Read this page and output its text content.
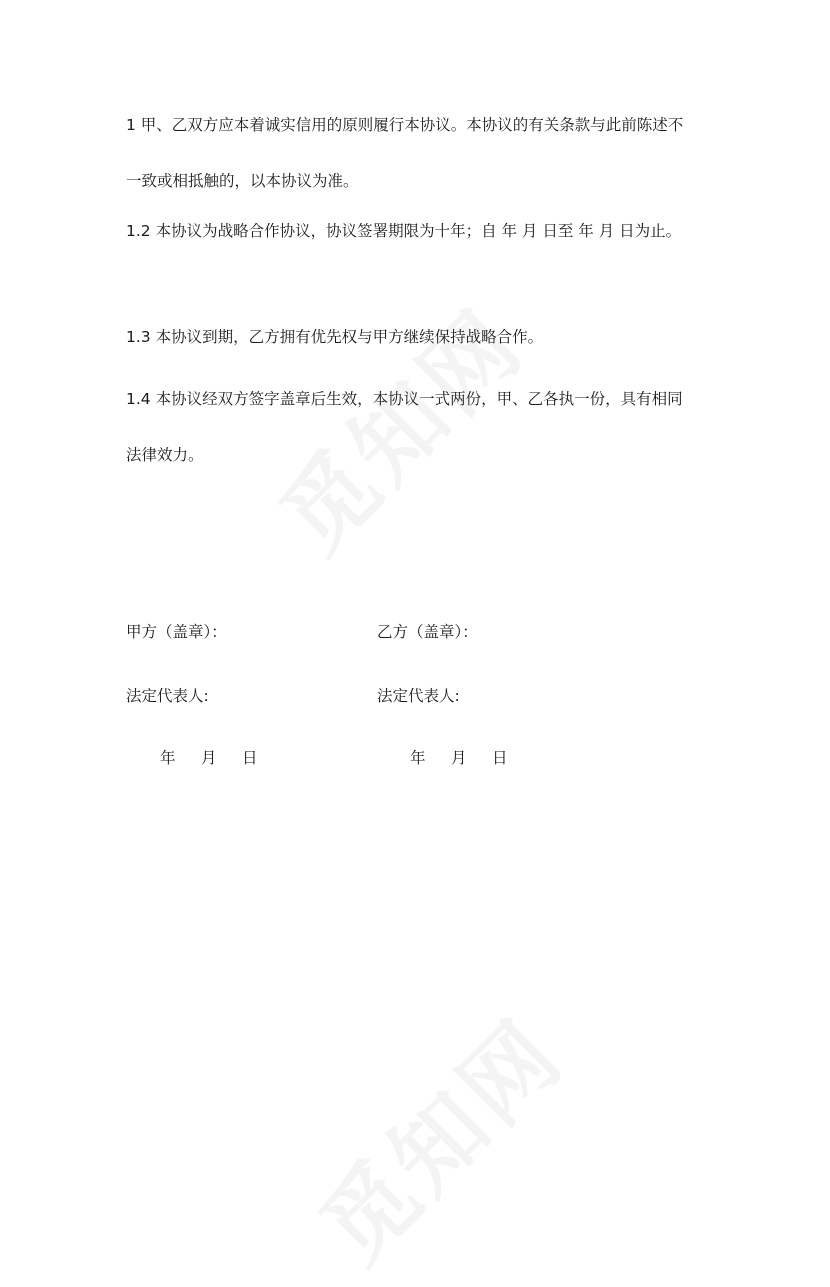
1 甲、乙双方应本着诚实信用的原则履行本协议。本协议的有关条款与此前陈述不一致或相抵触的，以本协议为准。

1.2 本协议为战略合作协议，协议签署期限为十年；自 年 月 日至 年 月 日为止。

1.3 本协议到期，乙方拥有优先权与甲方继续保持战略合作。

1.4 本协议经双方签字盖章后生效，本协议一式两份，甲、乙各执一份，具有相同法律效力。

甲方（盖章）：	乙方（盖章）：

法定代表人:	法定代表人:

年	月	日	年	月	日
